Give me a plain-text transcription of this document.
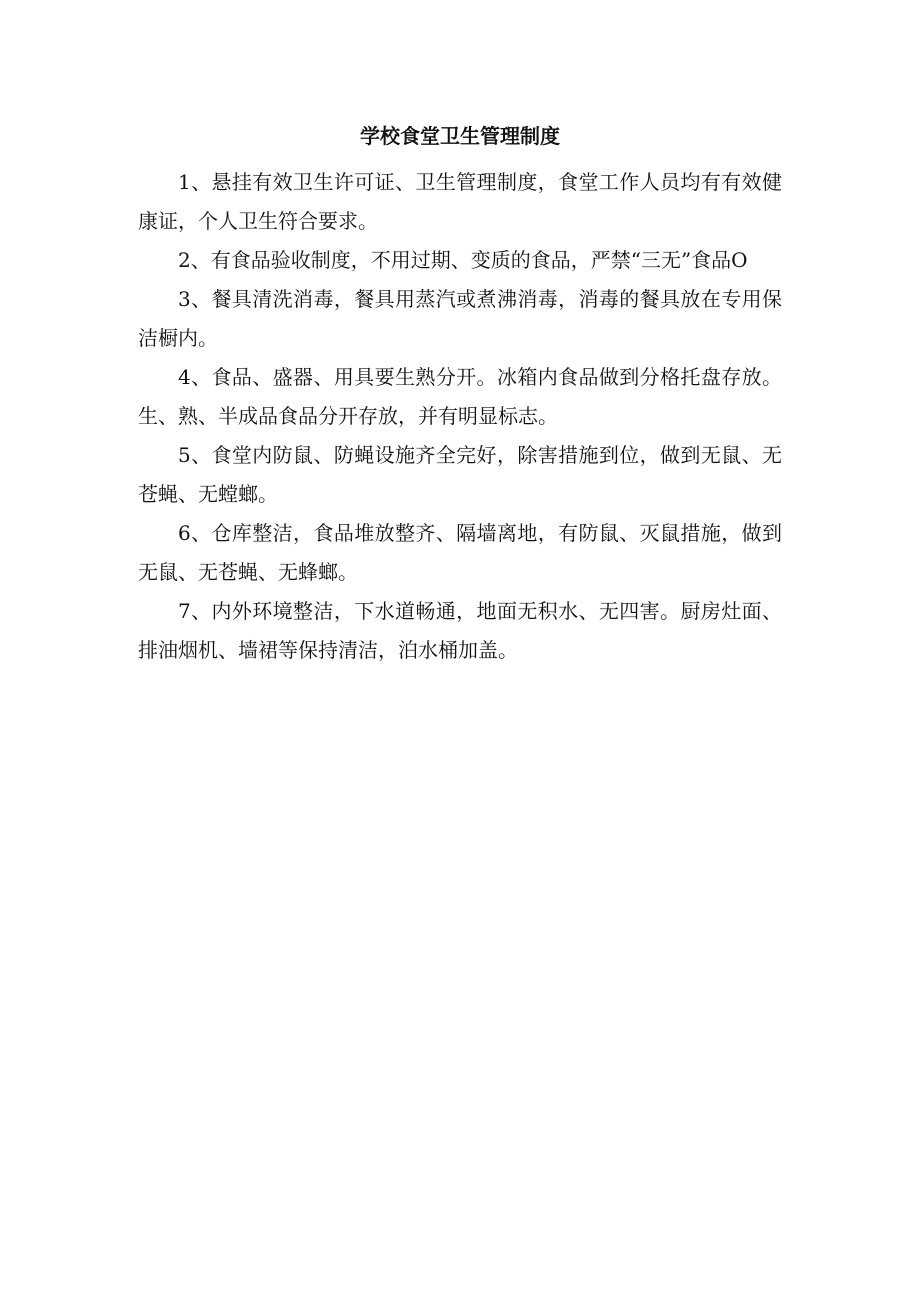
学校食堂卫生管理制度

1、悬挂有效卫生许可证、卫生管理制度，食堂工作人员均有有效健康证，个人卫生符合要求。

2、有食品验收制度，不用过期、变质的食品，严禁“三无”食品O

3、餐具清洗消毒，餐具用蒸汽或煮沸消毒，消毒的餐具放在专用保洁橱内。

4、食品、盛器、用具要生熟分开。冰箱内食品做到分格托盘存放。生、熟、半成品食品分开存放，并有明显标志。

5、食堂内防鼠、防蝇设施齐全完好，除害措施到位，做到无鼠、无苍蝇、无螳螂。

6、仓库整洁，食品堆放整齐、隔墙离地，有防鼠、灭鼠措施，做到无鼠、无苍蝇、无蜂螂。

7、内外环境整洁，下水道畅通，地面无积水、无四害。厨房灶面、排油烟机、墙裙等保持清洁，泊水桶加盖。
